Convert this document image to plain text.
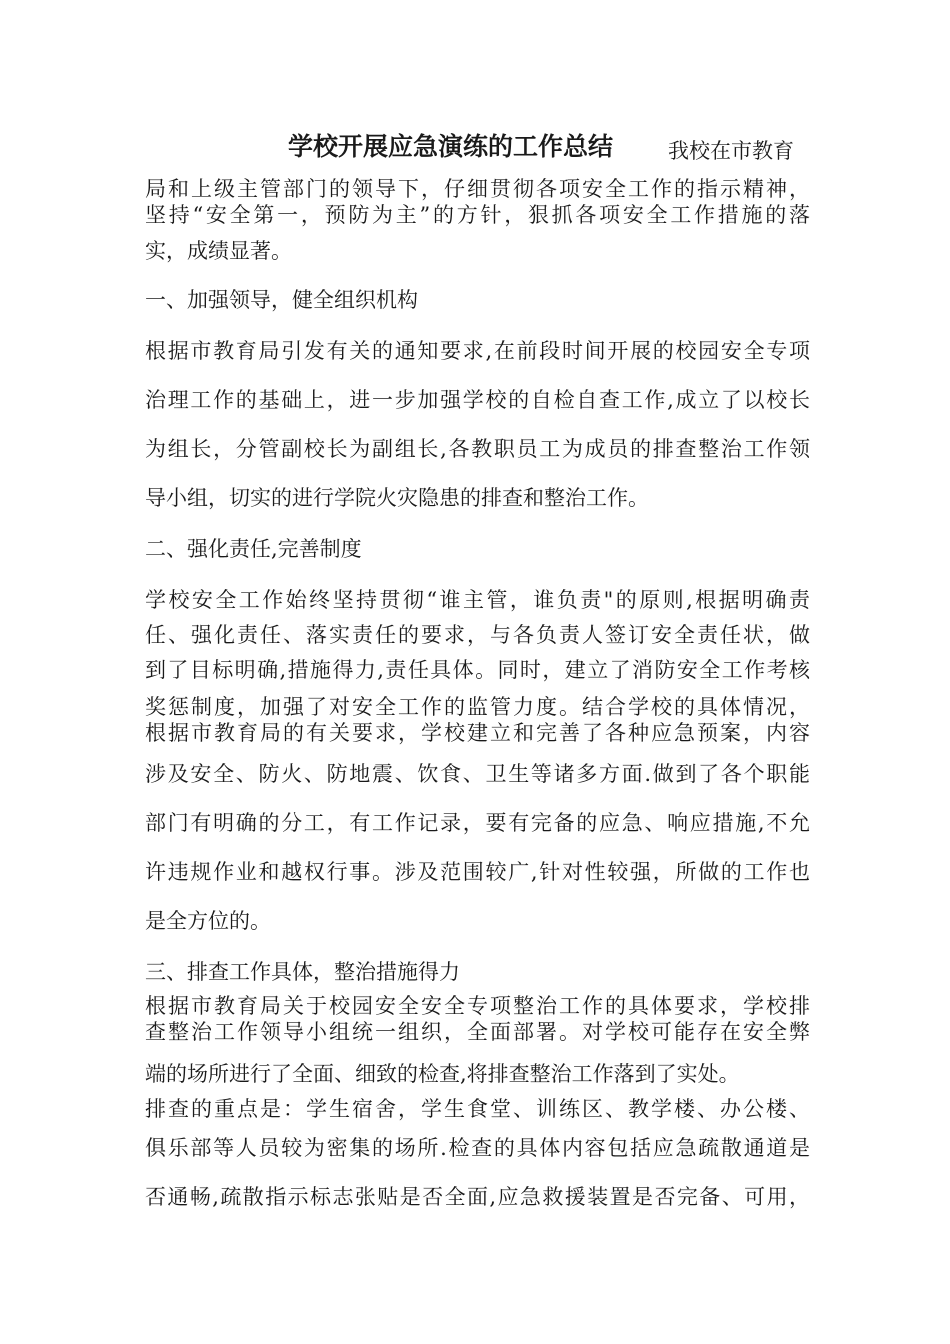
学校开展应急演练的工作总结	我校在市教育

局和上级主管部门的领导下，仔细贯彻各项安全工作的指示精神，

坚持“安全第一，预防为主”的方针，狠抓各项安全工作措施的落

实，成绩显著。

一、加强领导，健全组织机构

根据市教育局引发有关的通知要求,在前段时间开展的校园安全专项

治理工作的基础上，进一步加强学校的自检自查工作,成立了以校长

为组长，分管副校长为副组长,各教职员工为成员的排查整治工作领

导小组，切实的进行学院火灾隐患的排查和整治工作。

二、强化责任,完善制度

学校安全工作始终坚持贯彻“谁主管，谁负责"的原则,根据明确责

任、强化责任、落实责任的要求，与各负责人签订安全责任状，做

到了目标明确,措施得力,责任具体。同时，建立了消防安全工作考核

奖惩制度，加强了对安全工作的监管力度。结合学校的具体情况，

根据市教育局的有关要求，学校建立和完善了各种应急预案，内容

涉及安全、防火、防地震、饮食、卫生等诸多方面.做到了各个职能

部门有明确的分工，有工作记录，要有完备的应急、响应措施,不允

许违规作业和越权行事。涉及范围较广,针对性较强，所做的工作也

是全方位的。

三、排查工作具体，整治措施得力

根据市教育局关于校园安全安全专项整治工作的具体要求，学校排

查整治工作领导小组统一组织，全面部署。对学校可能存在安全弊

端的场所进行了全面、细致的检查,将排查整治工作落到了实处。

排查的重点是：学生宿舍，学生食堂、训练区、教学楼、办公楼、

俱乐部等人员较为密集的场所.检查的具体内容包括应急疏散通道是

否通畅,疏散指示标志张贴是否全面,应急救援装置是否完备、可用，
